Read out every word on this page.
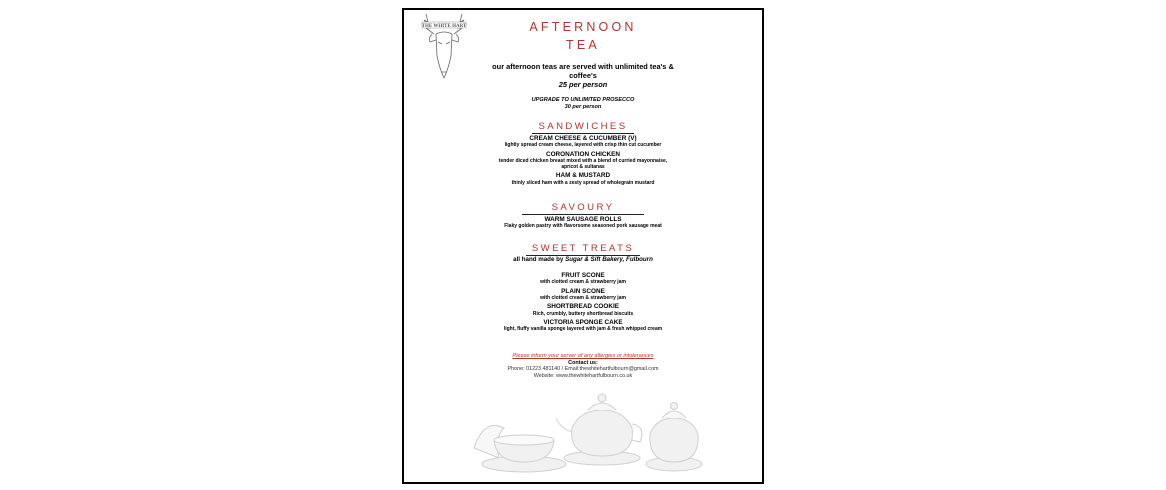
THE WHITE HART	AFTERNOON
TEA
our afternoon teas are served with unlimited tea's &
coffee's
25 per person
UPGRADE TO UNLIMITED PROSECCO
30 per person
SANDWICHES
CREAM CHEESE & CUCUMBER (V)
lightly spread cream cheese, layered with crisp thin cut cucumber
CORONATION CHICKEN
tender diced chicken breast mixed with a blend of curried mayonnaise,
apricot & sultanas
HAM & MUSTARD
thinly sliced ham with a zesty spread of wholegrain mustard
SAVOURY
WARM SAUSAGE ROLLS
Flaky golden pastry with flavorsome seasoned pork sausage meat
SWEET TREATS
all hand made by Sugar & Sift Bakery, Fulbourn
FRUIT SCONE
with clotted cream & strawberry jam
PLAIN SCONE
with clotted cream & strawberry jam
SHORTBREAD COOKIE
Rich, crumbly, buttery shortbread biscuits
VICTORIA SPONGE CAKE
light, fluffy vanilla sponge layered with jam & fresh whipped cream
Please inform your server of any allergies or intolerances
Contact us:
Phone: 01223 481140 / Email:thewhitehartfulbourn@gmail.com
Website: www.thewhitehartfulbourn.co.uk
